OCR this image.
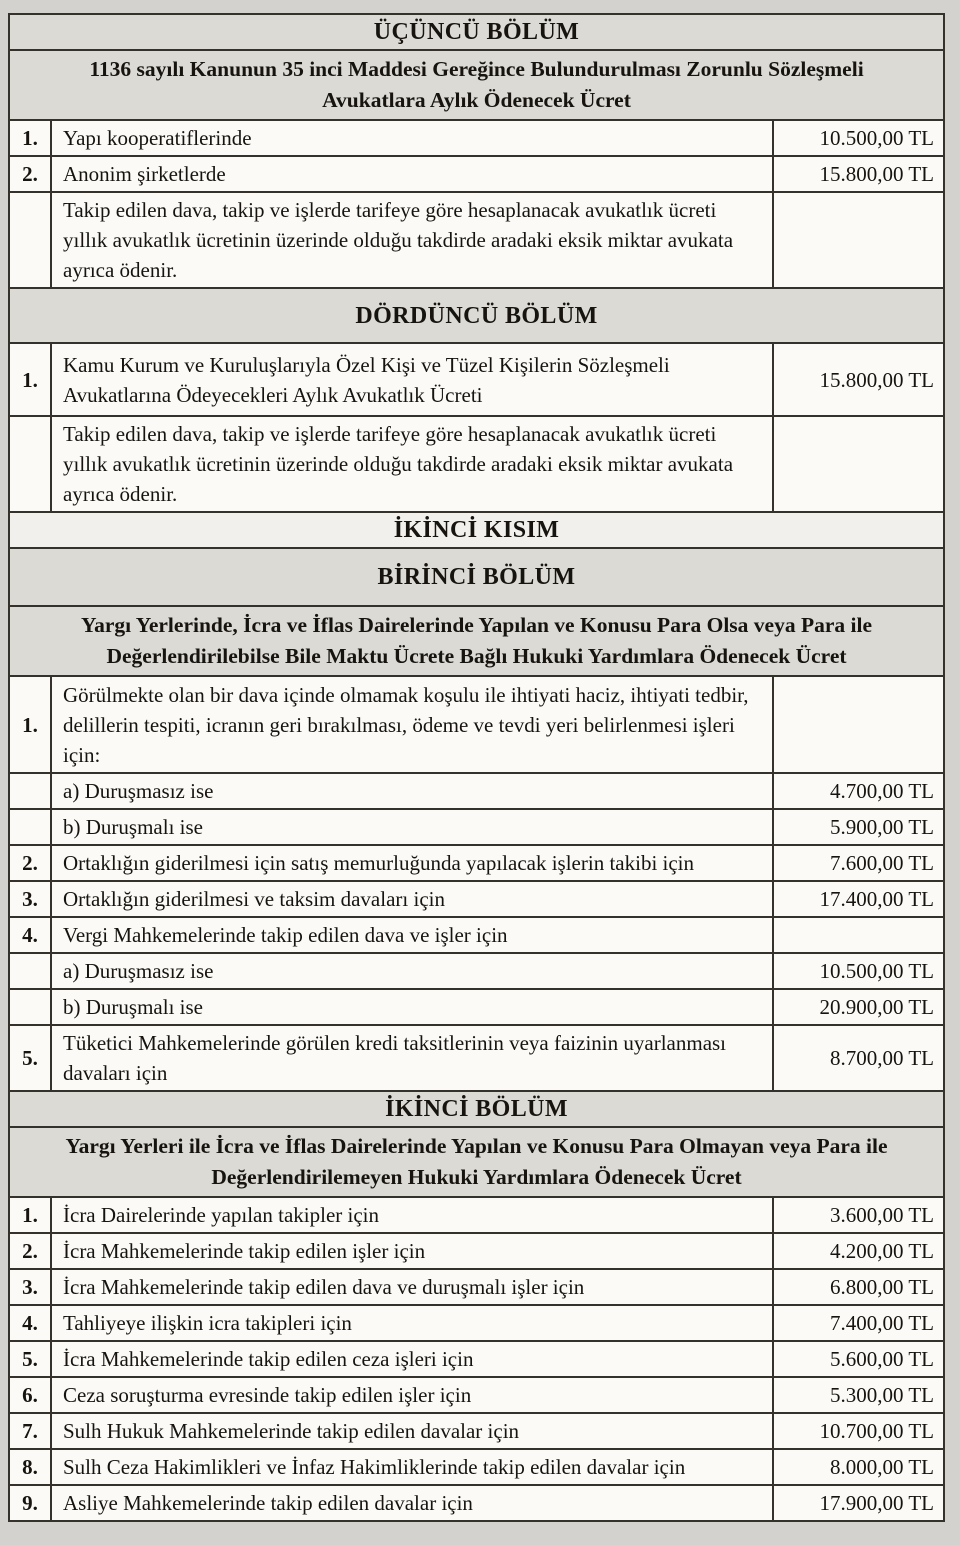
ÜÇÜNCÜ BÖLÜM		
1136 sayılı Kanunun 35 inci Maddesi Gereğince Bulundurulması Zorunlu Sözleşmeli Avukatlara Aylık Ödenecek Ücret		
1.	Yapı kooperatiflerinde	10.500,00 TL
2.	Anonim şirketlerde	15.800,00 TL
	Takip edilen dava, takip ve işlerde tarifeye göre hesaplanacak avukatlık ücreti yıllık avukatlık ücretinin üzerinde olduğu takdirde aradaki eksik miktar avukata ayrıca ödenir.	
DÖRDÜNCÜ BÖLÜM		
1.	Kamu Kurum ve Kuruluşlarıyla Özel Kişi ve Tüzel Kişilerin Sözleşmeli Avukatlarına Ödeyecekleri Aylık Avukatlık Ücreti	15.800,00 TL
	Takip edilen dava, takip ve işlerde tarifeye göre hesaplanacak avukatlık ücreti yıllık avukatlık ücretinin üzerinde olduğu takdirde aradaki eksik miktar avukata ayrıca ödenir.	
İKİNCİ KISIM		
BİRİNCİ BÖLÜM		
Yargı Yerlerinde, İcra ve İflas Dairelerinde Yapılan ve Konusu Para Olsa veya Para ile Değerlendirilebilse Bile Maktu Ücrete Bağlı Hukuki Yardımlara Ödenecek Ücret		
1.	Görülmekte olan bir dava içinde olmamak koşulu ile ihtiyati haciz, ihtiyati tedbir, delillerin tespiti, icranın geri bırakılması, ödeme ve tevdi yeri belirlenmesi işleri için:	
	a) Duruşmasız ise	4.700,00 TL
	b) Duruşmalı ise	5.900,00 TL
2.	Ortaklığın giderilmesi için satış memurluğunda yapılacak işlerin takibi için	7.600,00 TL
3.	Ortaklığın giderilmesi ve taksim davaları için	17.400,00 TL
4.	Vergi Mahkemelerinde takip edilen dava ve işler için	
	a) Duruşmasız ise	10.500,00 TL
	b) Duruşmalı ise	20.900,00 TL
5.	Tüketici Mahkemelerinde görülen kredi taksitlerinin veya faizinin uyarlanması davaları için	8.700,00 TL
İKİNCİ BÖLÜM		
Yargı Yerleri ile İcra ve İflas Dairelerinde Yapılan ve Konusu Para Olmayan veya Para ile Değerlendirilemeyen Hukuki Yardımlara Ödenecek Ücret		
1.	İcra Dairelerinde yapılan takipler için	3.600,00 TL
2.	İcra Mahkemelerinde takip edilen işler için	4.200,00 TL
3.	İcra Mahkemelerinde takip edilen dava ve duruşmalı işler için	6.800,00 TL
4.	Tahliyeye ilişkin icra takipleri için	7.400,00 TL
5.	İcra Mahkemelerinde takip edilen ceza işleri için	5.600,00 TL
6.	Ceza soruşturma evresinde takip edilen işler için	5.300,00 TL
7.	Sulh Hukuk Mahkemelerinde takip edilen davalar için	10.700,00 TL
8.	Sulh Ceza Hakimlikleri ve İnfaz Hakimliklerinde takip edilen davalar için	8.000,00 TL
9.	Asliye Mahkemelerinde takip edilen davalar için	17.900,00 TL
